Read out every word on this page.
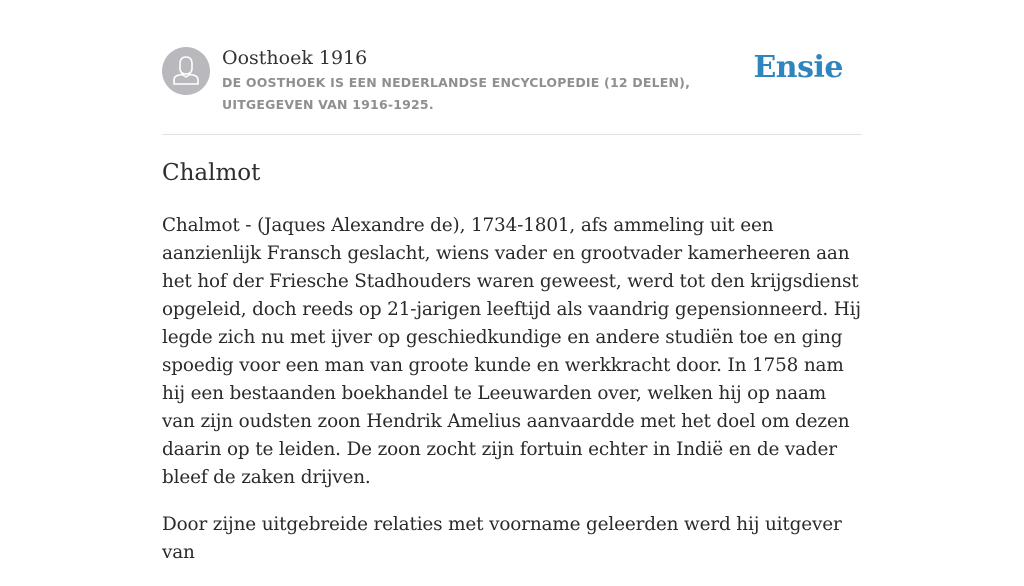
Oosthoek 1916

DE OOSTHOEK IS EEN NEDERLANDSE ENCYCLOPEDIE (12 DELEN), UITGEGEVEN VAN 1916-1925.

Ensie
Chalmot

Chalmot - (Jaques Alexandre de), 1734-1801, afs ammeling uit een aanzienlijk Fransch geslacht, wiens vader en grootvader kamerheeren aan het hof der Friesche Stadhouders waren geweest, werd tot den krijgsdienst opgeleid, doch reeds op 21-jarigen leeftijd als vaandrig gepensionneerd. Hij legde zich nu met ijver op geschiedkundige en andere studiën toe en ging spoedig voor een man van groote kunde en werkkracht door. In 1758 nam hij een bestaanden boekhandel te Leeuwarden over, welken hij op naam van zijn oudsten zoon Hendrik Amelius aanvaardde met het doel om dezen daarin op te leiden. De zoon zocht zijn fortuin echter in Indië en de vader bleef de zaken drijven.

Door zijne uitgebreide relaties met voorname geleerden werd hij uitgever van
